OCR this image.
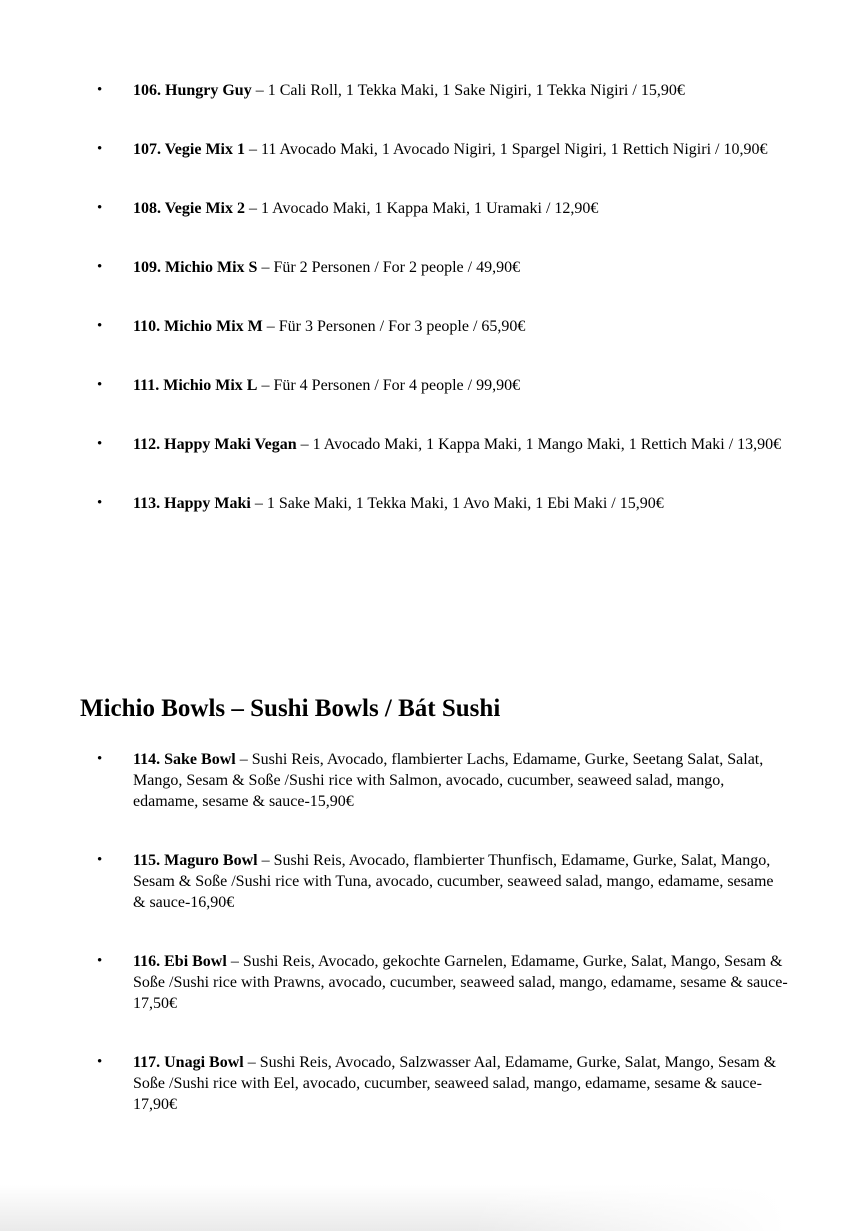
•	106. Hungry Guy – 1 Cali Roll, 1 Tekka Maki, 1 Sake Nigiri, 1 Tekka Nigiri / 15,90€
•	107. Vegie Mix 1 – 11 Avocado Maki, 1 Avocado Nigiri, 1 Spargel Nigiri, 1 Rettich Nigiri / 10,90€
•	108. Vegie Mix 2 – 1 Avocado Maki, 1 Kappa Maki, 1 Uramaki / 12,90€
•	109. Michio Mix S – Für 2 Personen / For 2 people / 49,90€
•	110. Michio Mix M – Für 3 Personen / For 3 people / 65,90€
•	111. Michio Mix L – Für 4 Personen / For 4 people / 99,90€
•	112. Happy Maki Vegan – 1 Avocado Maki, 1 Kappa Maki, 1 Mango Maki, 1 Rettich Maki / 13,90€
•	113. Happy Maki – 1 Sake Maki, 1 Tekka Maki, 1 Avo Maki, 1 Ebi Maki / 15,90€
Michio Bowls – Sushi Bowls / Bát Sushi
•	114. Sake Bowl – Sushi Reis, Avocado, flambierter Lachs, Edamame, Gurke, Seetang Salat, Salat, Mango, Sesam & Soße /Sushi rice with Salmon, avocado, cucumber, seaweed salad, mango, edamame, sesame & sauce-15,90€
•	115. Maguro Bowl – Sushi Reis, Avocado, flambierter Thunfisch, Edamame, Gurke, Salat, Mango, Sesam & Soße /Sushi rice with Tuna, avocado, cucumber, seaweed salad, mango, edamame, sesame & sauce-16,90€
•	116. Ebi Bowl – Sushi Reis, Avocado, gekochte Garnelen, Edamame, Gurke, Salat, Mango, Sesam & Soße /Sushi rice with Prawns, avocado, cucumber, seaweed salad, mango, edamame, sesame & sauce- 17,50€
•	117. Unagi Bowl – Sushi Reis, Avocado, Salzwasser Aal, Edamame, Gurke, Salat, Mango, Sesam & Soße /Sushi rice with Eel, avocado, cucumber, seaweed salad, mango, edamame, sesame & sauce- 17,90€
